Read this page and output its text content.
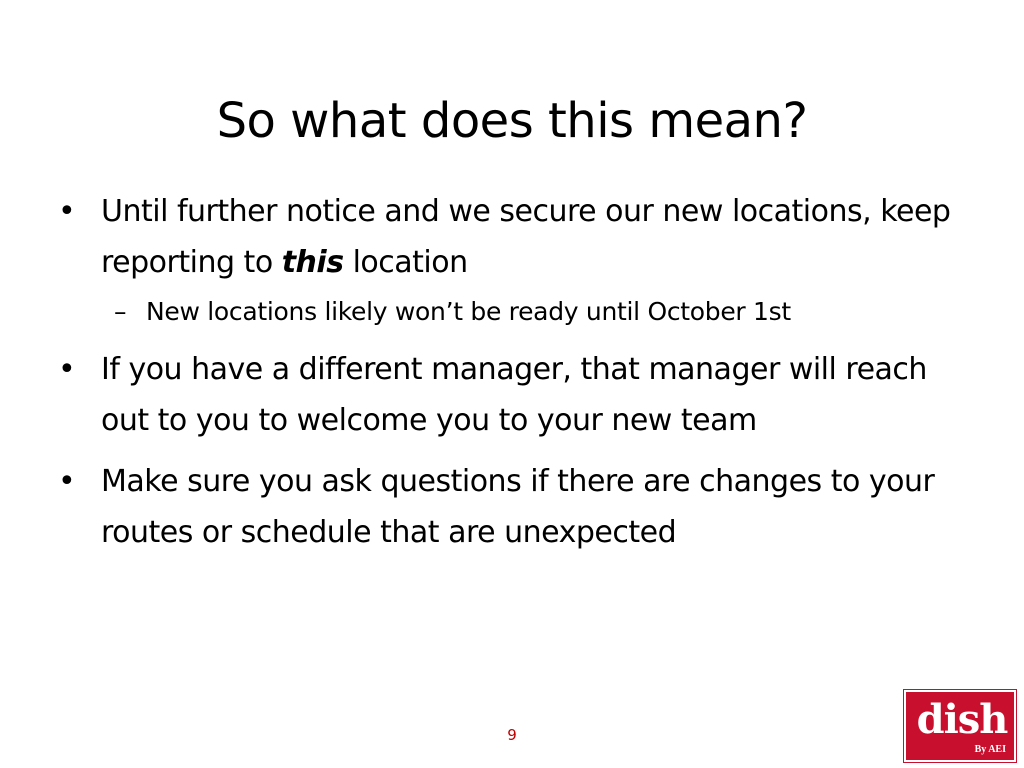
So what does this mean?
• Until further notice and we secure our new locations, keep reporting to this location
– New locations likely won’t be ready until October 1st
• If you have a different manager, that manager will reach out to you to welcome you to your new team
• Make sure you ask questions if there are changes to your routes or schedule that are unexpected
9	dish
By AEI
